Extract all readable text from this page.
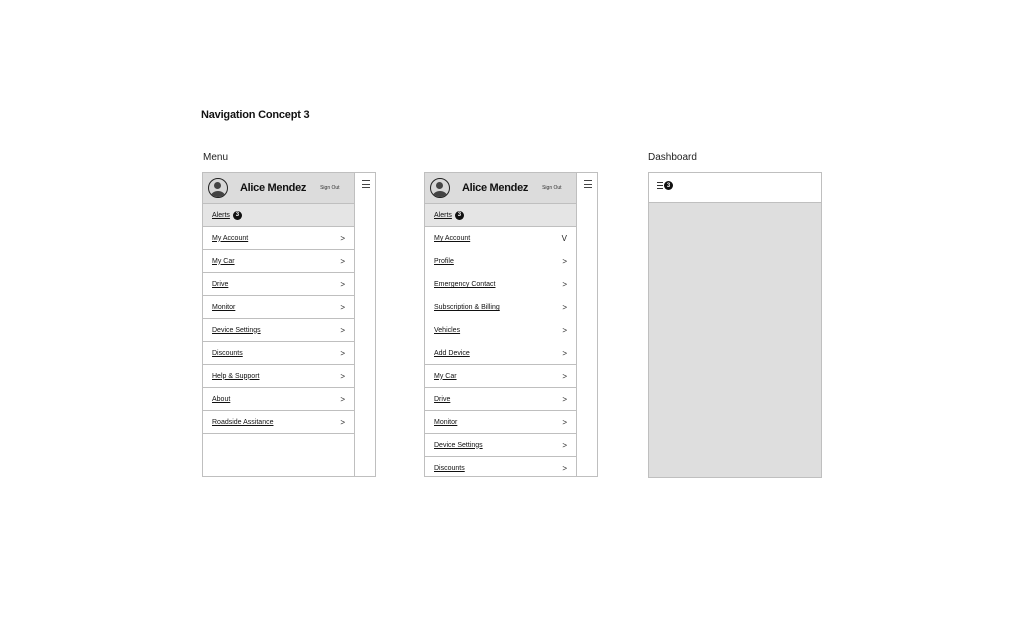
Navigation Concept 3
Menu	Dashboard
Alice Mendez	Sign Out
Alerts 3
My Account	>
My Car	>
Drive	>
Monitor	>
Device Settings	>
Discounts	>
Help & Support	>
About	>
Roadside Assitance	>
Alice Mendez	Sign Out
Alerts 3
My Account	V
Profile	>
Emergency Contact	>
Subscription & Billing	>
Vehicles	>
Add Device	>
My Car	>
Drive	>
Monitor	>
Device Settings	>
Discounts	>
3
